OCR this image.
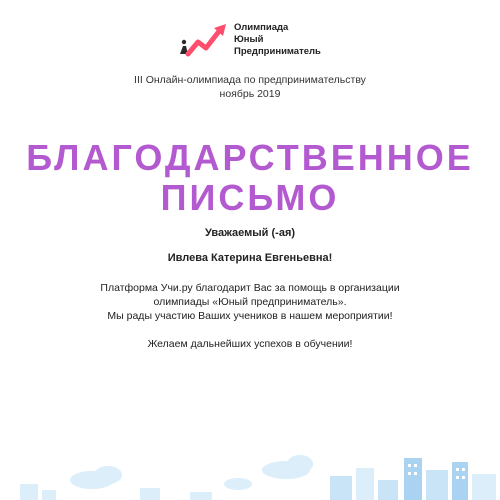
Олимпиада
Юный
Предприниматель
III Онлайн-олимпиада по предпринимательству
ноябрь 2019
БЛАГОДАРСТВЕННОЕ
ПИСЬМО
Уважаемый (-ая)
Ивлева Катерина Евгеньевна!
Платформа Учи.ру благодарит Вас за помощь в организации
олимпиады «Юный предприниматель».
Мы рады участию Ваших учеников в нашем мероприятии!
Желаем дальнейших успехов в обучении!
